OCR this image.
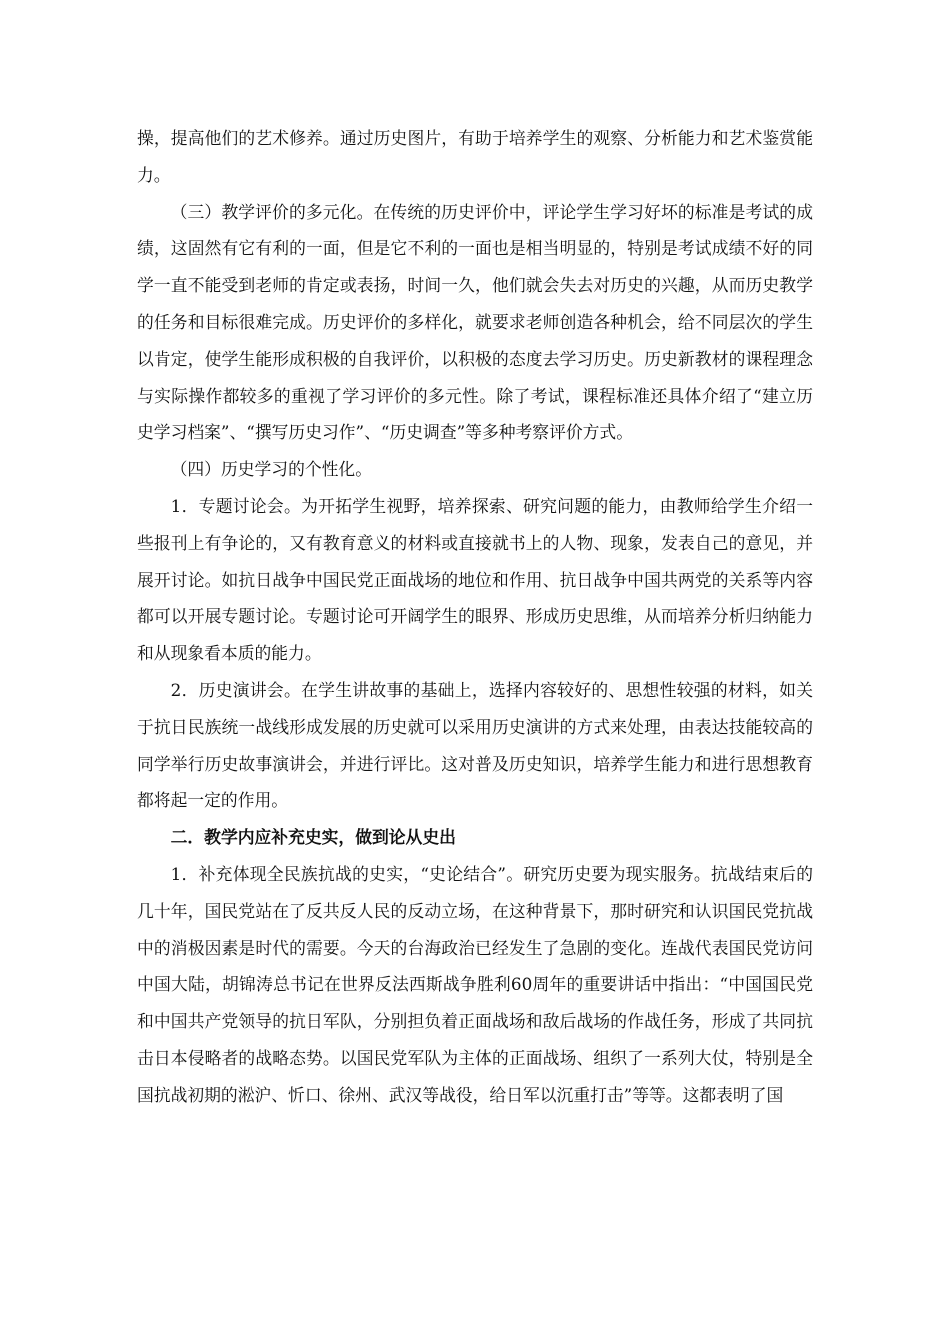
操，提高他们的艺术修养。通过历史图片，有助于培养学生的观察、分析能力和艺术鉴赏能力。

（三）教学评价的多元化。在传统的历史评价中，评论学生学习好坏的标准是考试的成绩，这固然有它有利的一面，但是它不利的一面也是相当明显的，特别是考试成绩不好的同学一直不能受到老师的肯定或表扬，时间一久，他们就会失去对历史的兴趣，从而历史教学的任务和目标很难完成。历史评价的多样化，就要求老师创造各种机会，给不同层次的学生以肯定，使学生能形成积极的自我评价，以积极的态度去学习历史。历史新教材的课程理念与实际操作都较多的重视了学习评价的多元性。除了考试，课程标准还具体介绍了“建立历史学习档案”、“撰写历史习作”、“历史调查”等多种考察评价方式。

（四）历史学习的个性化。

1．专题讨论会。为开拓学生视野，培养探索、研究问题的能力，由教师给学生介绍一些报刊上有争论的，又有教育意义的材料或直接就书上的人物、现象，发表自己的意见，并展开讨论。如抗日战争中国民党正面战场的地位和作用、抗日战争中国共两党的关系等内容都可以开展专题讨论。专题讨论可开阔学生的眼界、形成历史思维，从而培养分析归纳能力和从现象看本质的能力。

2．历史演讲会。在学生讲故事的基础上，选择内容较好的、思想性较强的材料，如关于抗日民族统一战线形成发展的历史就可以采用历史演讲的方式来处理，由表达技能较高的同学举行历史故事演讲会，并进行评比。这对普及历史知识，培养学生能力和进行思想教育都将起一定的作用。

二．教学内应补充史实，做到论从史出

1．补充体现全民族抗战的史实，“史论结合”。研究历史要为现实服务。抗战结束后的几十年，国民党站在了反共反人民的反动立场，在这种背景下，那时研究和认识国民党抗战中的消极因素是时代的需要。今天的台海政治已经发生了急剧的变化。连战代表国民党访问中国大陆，胡锦涛总书记在世界反法西斯战争胜利60周年的重要讲话中指出：“中国国民党和中国共产党领导的抗日军队，分别担负着正面战场和敌后战场的作战任务，形成了共同抗击日本侵略者的战略态势。以国民党军队为主体的正面战场、组织了一系列大仗，特别是全国抗战初期的淞沪、忻口、徐州、武汉等战役，给日军以沉重打击”等等。这都表明了国
